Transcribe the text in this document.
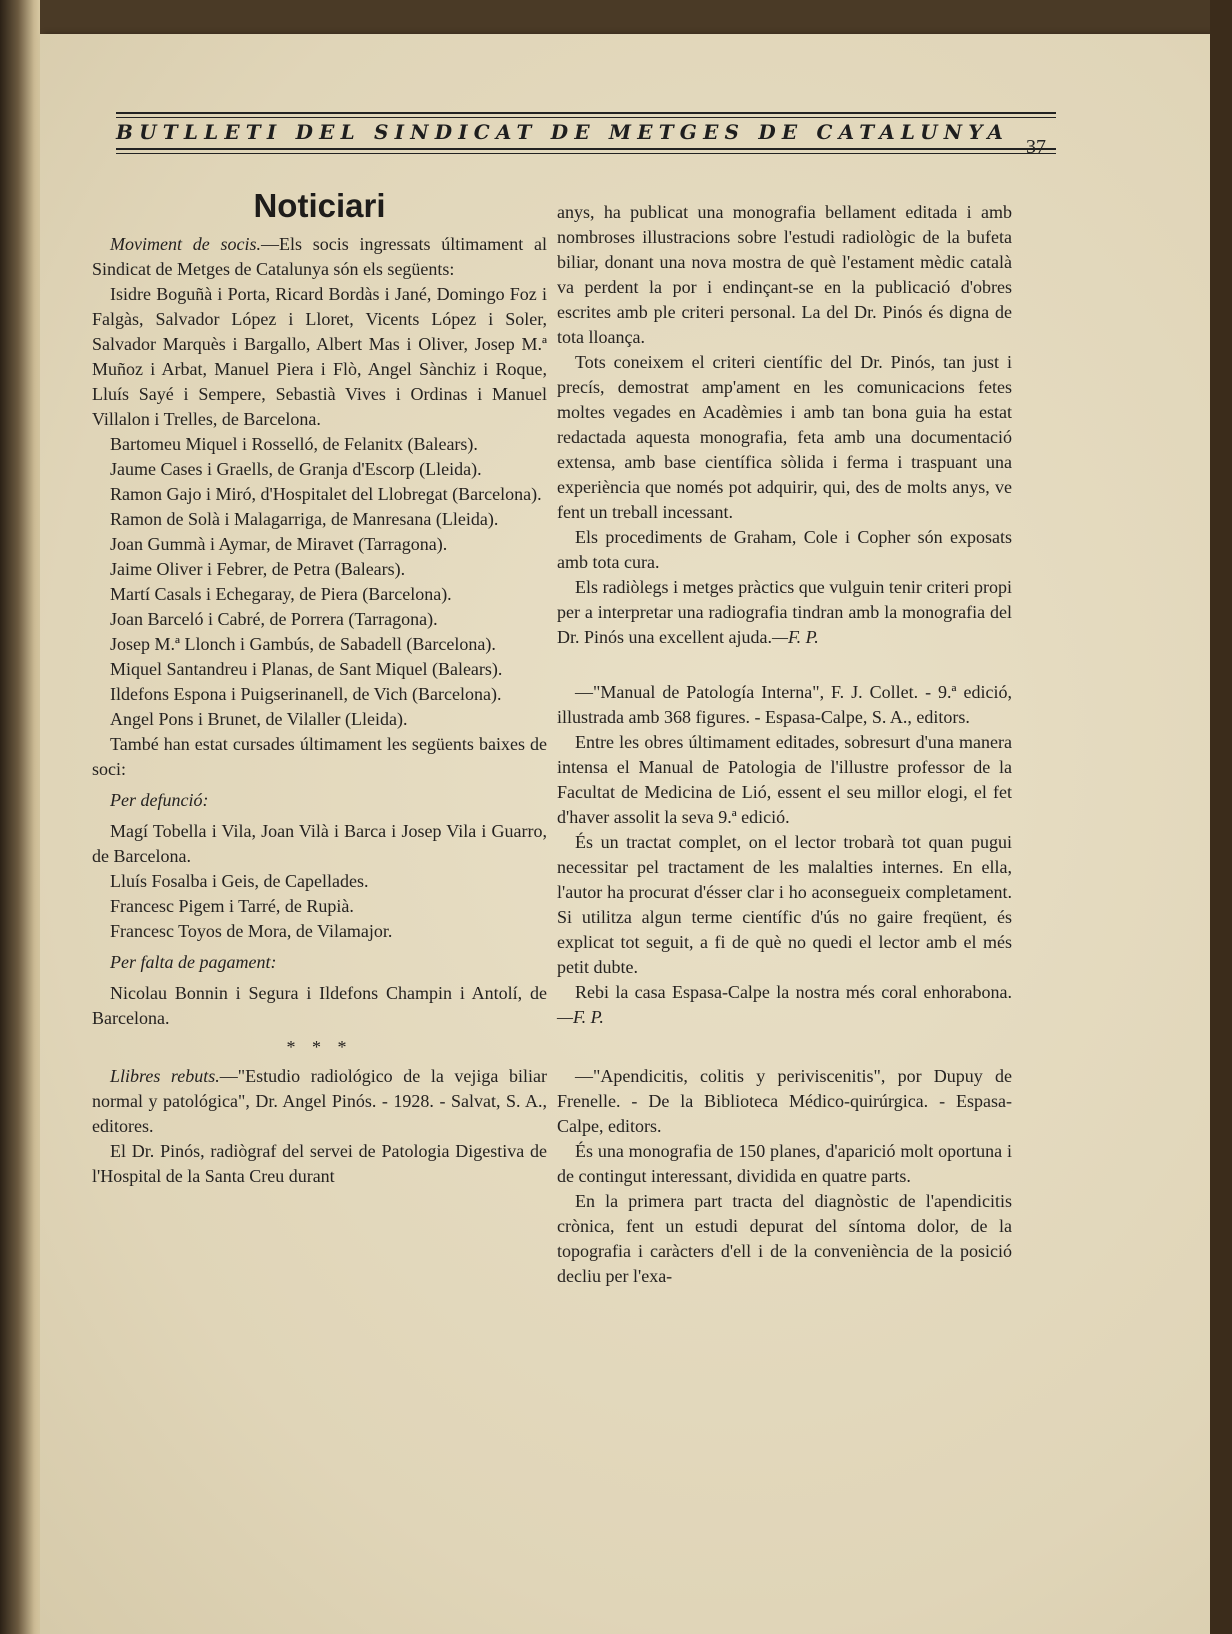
BUTLLETI DEL SINDICAT DE METGES DE CATALUNYA
37
Noticiari

Moviment de socis.—Els socis ingressats últimament al Sindicat de Metges de Catalunya són els següents:

Isidre Boguñà i Porta, Ricard Bordàs i Jané, Domingo Foz i Falgàs, Salvador López i Lloret, Vicents López i Soler, Salvador Marquès i Bargallo, Albert Mas i Oliver, Josep M.ª Muñoz i Arbat, Manuel Piera i Flò, Angel Sànchiz i Roque, Lluís Sayé i Sempere, Sebastià Vives i Ordinas i Manuel Villalon i Trelles, de Barcelona.

Bartomeu Miquel i Rosselló, de Felanitx (Balears).

Jaume Cases i Graells, de Granja d'Escorp (Lleida).

Ramon Gajo i Miró, d'Hospitalet del Llobregat (Barcelona).

Ramon de Solà i Malagarriga, de Manresana (Lleida).

Joan Gummà i Aymar, de Miravet (Tarragona).

Jaime Oliver i Febrer, de Petra (Balears).

Martí Casals i Echegaray, de Piera (Barcelona).

Joan Barceló i Cabré, de Porrera (Tarragona).

Josep M.ª Llonch i Gambús, de Sabadell (Barcelona).

Miquel Santandreu i Planas, de Sant Miquel (Balears).

Ildefons Espona i Puigserinanell, de Vich (Barcelona).

Angel Pons i Brunet, de Vilaller (Lleida).

També han estat cursades últimament les següents baixes de soci:

Per defunció:

Magí Tobella i Vila, Joan Vilà i Barca i Josep Vila i Guarro, de Barcelona.

Lluís Fosalba i Geis, de Capellades.

Francesc Pigem i Tarré, de Rupià.

Francesc Toyos de Mora, de Vilamajor.

Per falta de pagament:

Nicolau Bonnin i Segura i Ildefons Champin i Antolí, de Barcelona.

* * *

Llibres rebuts.—"Estudio radiológico de la vejiga biliar normal y patológica", Dr. Angel Pinós. - 1928. - Salvat, S. A., editores.

El Dr. Pinós, radiògraf del servei de Patologia Digestiva de l'Hospital de la Santa Creu durant

anys, ha publicat una monografia bellament editada i amb nombroses illustracions sobre l'estudi radiològic de la bufeta biliar, donant una nova mostra de què l'estament mèdic català va perdent la por i endinçant-se en la publicació d'obres escrites amb ple criteri personal. La del Dr. Pinós és digna de tota lloança.

Tots coneixem el criteri científic del Dr. Pinós, tan just i precís, demostrat amp'ament en les comunicacions fetes moltes vegades en Acadèmies i amb tan bona guia ha estat redactada aquesta monografia, feta amb una documentació extensa, amb base científica sòlida i ferma i traspuant una experiència que només pot adquirir, qui, des de molts anys, ve fent un treball incessant.

Els procediments de Graham, Cole i Copher són exposats amb tota cura.

Els radiòlegs i metges pràctics que vulguin tenir criteri propi per a interpretar una radiografia tindran amb la monografia del Dr. Pinós una excellent ajuda.—F. P.

—"Manual de Patología Interna", F. J. Collet. - 9.ª edició, illustrada amb 368 figures. - Espasa-Calpe, S. A., editors.

Entre les obres últimament editades, sobresurt d'una manera intensa el Manual de Patologia de l'illustre professor de la Facultat de Medicina de Lió, essent el seu millor elogi, el fet d'haver assolit la seva 9.ª edició.

És un tractat complet, on el lector trobarà tot quan pugui necessitar pel tractament de les malalties internes. En ella, l'autor ha procurat d'ésser clar i ho aconsegueix completament. Si utilitza algun terme científic d'ús no gaire freqüent, és explicat tot seguit, a fi de què no quedi el lector amb el més petit dubte.

Rebi la casa Espasa-Calpe la nostra més coral enhorabona.—F. P.

—"Apendicitis, colitis y periviscenitis", por Dupuy de Frenelle. - De la Biblioteca Médico-quirúrgica. - Espasa-Calpe, editors.

És una monografia de 150 planes, d'aparició molt oportuna i de contingut interessant, dividida en quatre parts.

En la primera part tracta del diagnòstic de l'apendicitis crònica, fent un estudi depurat del síntoma dolor, de la topografia i caràcters d'ell i de la conveniència de la posició decliu per l'exa-
